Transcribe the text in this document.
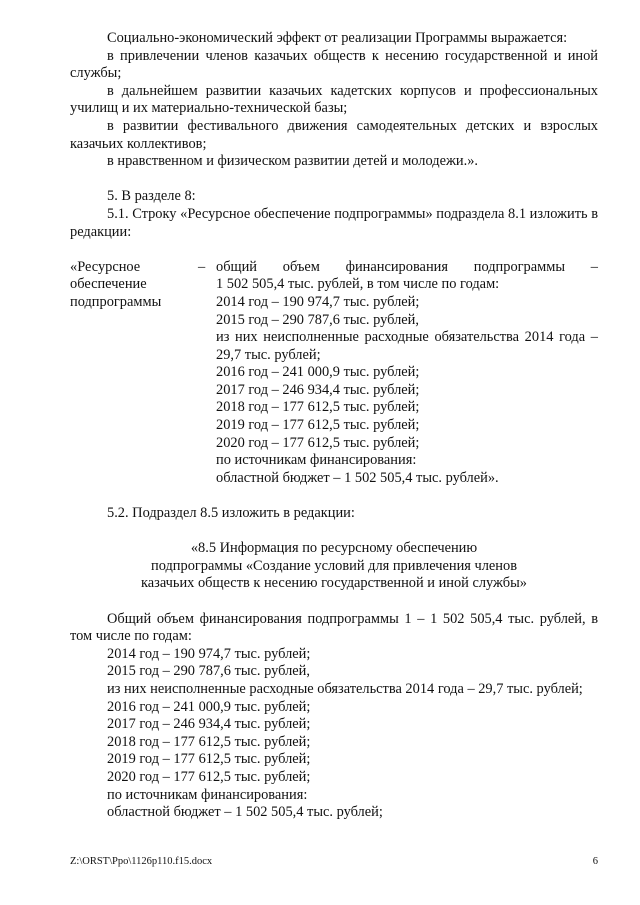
Социально-экономический эффект от реализации Программы выражается:

в привлечении членов казачьих обществ к несению государственной и иной службы;

в дальнейшем развитии казачьих кадетских корпусов и профессиональных училищ и их материально-технической базы;

в развитии фестивального движения самодеятельных детских и взрослых казачьих коллективов;

в нравственном и физическом развитии детей и молодежи.».

5. В разделе 8:

5.1. Строку «Ресурсное обеспечение подпрограммы» подраздела 8.1 изложить в редакции:

«Ресурсное
обеспечение
подпрограммы
– общий объем финансирования подпрограммы –
1 502 505,4 тыс. рублей, в том числе по годам:
2014 год – 190 974,7 тыс. рублей;
2015 год – 290 787,6 тыс. рублей,
из них неисполненные расходные обязательства 2014 года –
29,7 тыс. рублей;
2016 год – 241 000,9 тыс. рублей;
2017 год – 246 934,4 тыс. рублей;
2018 год – 177 612,5 тыс. рублей;
2019 год – 177 612,5 тыс. рублей;
2020 год – 177 612,5 тыс. рублей;
по источникам финансирования:
областной бюджет – 1 502 505,4 тыс. рублей».

5.2. Подраздел 8.5 изложить в редакции:

«8.5 Информация по ресурсному обеспечению
подпрограммы «Создание условий для привлечения членов
казачьих обществ к несению государственной и иной службы»

Общий объем финансирования подпрограммы 1 – 1 502 505,4 тыс. рублей, в том числе по годам:

2014 год – 190 974,7 тыс. рублей;

2015 год – 290 787,6 тыс. рублей,

из них неисполненные расходные обязательства 2014 года – 29,7 тыс. рублей;

2016 год – 241 000,9 тыс. рублей;

2017 год – 246 934,4 тыс. рублей;

2018 год – 177 612,5 тыс. рублей;

2019 год – 177 612,5 тыс. рублей;

2020 год – 177 612,5 тыс. рублей;

по источникам финансирования:

областной бюджет – 1 502 505,4 тыс. рублей;

Z:\ORST\Ppo\1126p110.f15.docx	6
